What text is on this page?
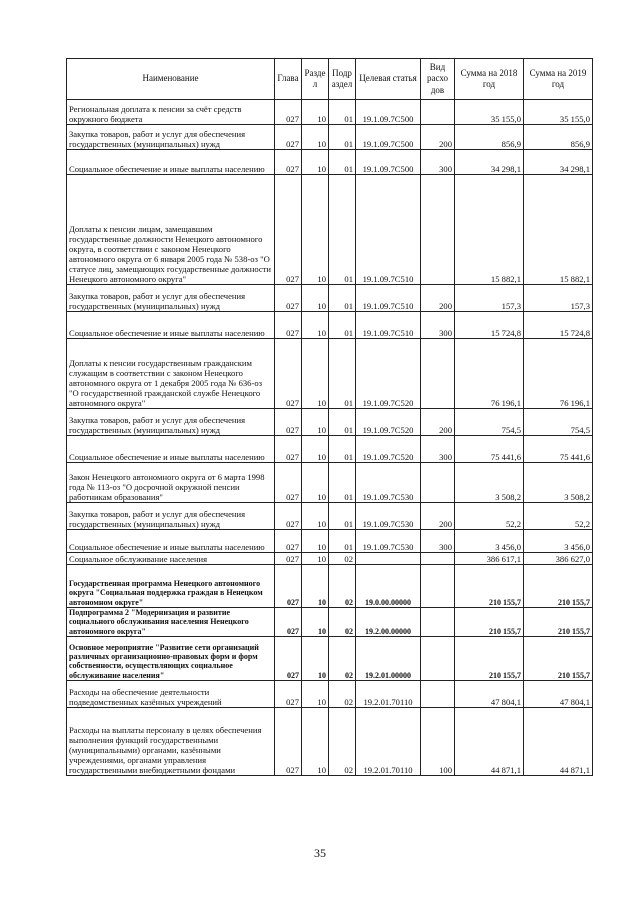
Наименование	Глава	Разде л	Подр аздел	Целевая статья	Вид расхо дов	Сумма на 2018 год	Сумма на 2019 год
Региональная доплата к пенсии за счёт средств окружного бюджета	027	10	01	19.1.09.7С500		35 155,0	35 155,0
Закупка товаров, работ и услуг для обеспечения государственных (муниципальных) нужд	027	10	01	19.1.09.7С500	200	856,9	856,9
Социальное обеспечение и иные выплаты населению	027	10	01	19.1.09.7С500	300	34 298,1	34 298,1
Доплаты к пенсии лицам, замещавшим государственные должности Ненецкого автономного округа, в соответствии с законом Ненецкого автономного округа от 6 января 2005 года № 538-оз "О статусе лиц, замещающих государственные должности Ненецкого автономного округа"	027	10	01	19.1.09.7С510		15 882,1	15 882,1
Закупка товаров, работ и услуг для обеспечения государственных (муниципальных) нужд	027	10	01	19.1.09.7С510	200	157,3	157,3
Социальное обеспечение и иные выплаты населению	027	10	01	19.1.09.7С510	300	15 724,8	15 724,8
Доплаты к пенсии государственным гражданским служащим в соответствии с законом Ненецкого автономного округа от 1 декабря 2005 года № 636-оз "О государственной гражданской службе Ненецкого автономного округа"	027	10	01	19.1.09.7С520		76 196,1	76 196,1
Закупка товаров, работ и услуг для обеспечения государственных (муниципальных) нужд	027	10	01	19.1.09.7С520	200	754,5	754,5
Социальное обеспечение и иные выплаты населению	027	10	01	19.1.09.7С520	300	75 441,6	75 441,6
Закон Ненецкого автономного округа от 6 марта 1998 года № 113-оз "О досрочной окружной пенсии работникам образования"	027	10	01	19.1.09.7С530		3 508,2	3 508,2
Закупка товаров, работ и услуг для обеспечения государственных (муниципальных) нужд	027	10	01	19.1.09.7С530	200	52,2	52,2
Социальное обеспечение и иные выплаты населению	027	10	01	19.1.09.7С530	300	3 456,0	3 456,0
Социальное обслуживание населения	027	10	02			386 617,1	386 627,0
Государственная программа Ненецкого автономного округа "Социальная поддержка граждан в Ненецком автономном округе"	027	10	02	19.0.00.00000		210 155,7	210 155,7
Подпрограмма 2 "Модернизация и развитие социального обслуживания населения Ненецкого автономного округа"	027	10	02	19.2.00.00000		210 155,7	210 155,7
Основное мероприятие "Развитие сети организаций различных организационно-правовых форм и форм собственности, осуществляющих социальное обслуживание населения"	027	10	02	19.2.01.00000		210 155,7	210 155,7
Расходы на обеспечение деятельности подведомственных казённых учреждений	027	10	02	19.2.01.70110		47 804,1	47 804,1
Расходы на выплаты персоналу в целях обеспечения выполнения функций государственными (муниципальными) органами, казёнными учреждениями, органами управления государственными внебюджетными фондами	027	10	02	19.2.01.70110	100	44 871,1	44 871,1
35
